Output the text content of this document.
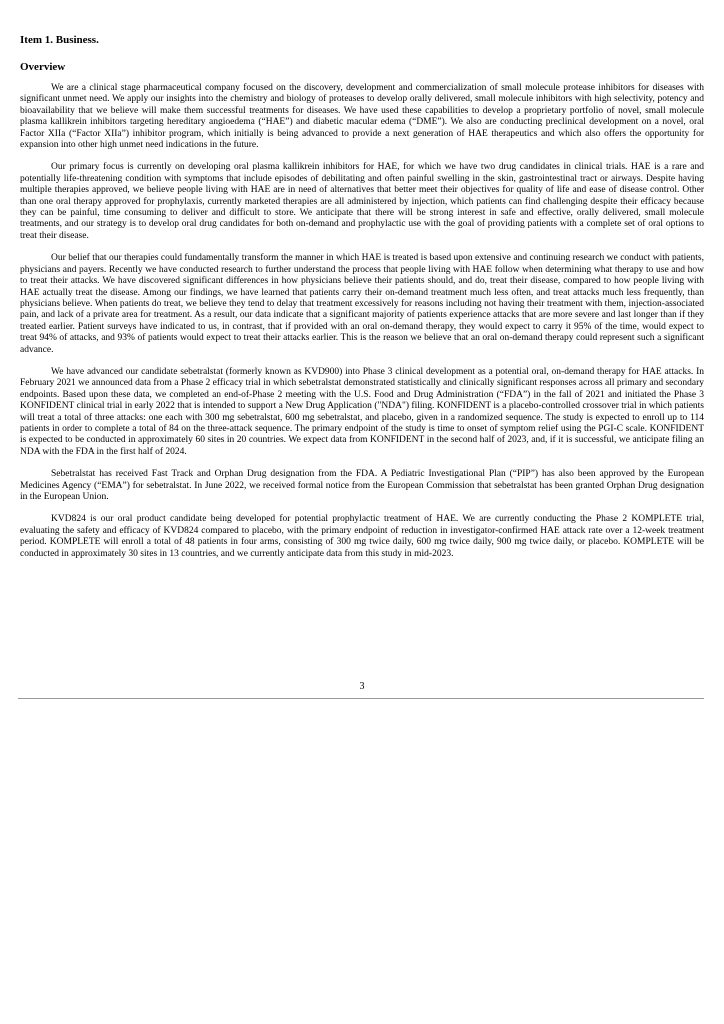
Item 1. Business.

Overview

We are a clinical stage pharmaceutical company focused on the discovery, development and commercialization of small molecule protease inhibitors for diseases with significant unmet need. We apply our insights into the chemistry and biology of proteases to develop orally delivered, small molecule inhibitors with high selectivity, potency and bioavailability that we believe will make them successful treatments for diseases. We have used these capabilities to develop a proprietary portfolio of novel, small molecule plasma kallikrein inhibitors targeting hereditary angioedema (“HAE”) and diabetic macular edema (“DME”). We also are conducting preclinical development on a novel, oral Factor XIIa (“Factor XIIa”) inhibitor program, which initially is being advanced to provide a next generation of HAE therapeutics and which also offers the opportunity for expansion into other high unmet need indications in the future.

Our primary focus is currently on developing oral plasma kallikrein inhibitors for HAE, for which we have two drug candidates in clinical trials. HAE is a rare and potentially life-threatening condition with symptoms that include episodes of debilitating and often painful swelling in the skin, gastrointestinal tract or airways. Despite having multiple therapies approved, we believe people living with HAE are in need of alternatives that better meet their objectives for quality of life and ease of disease control. Other than one oral therapy approved for prophylaxis, currently marketed therapies are all administered by injection, which patients can find challenging despite their efficacy because they can be painful, time consuming to deliver and difficult to store. We anticipate that there will be strong interest in safe and effective, orally delivered, small molecule treatments, and our strategy is to develop oral drug candidates for both on-demand and prophylactic use with the goal of providing patients with a complete set of oral options to treat their disease.

Our belief that our therapies could fundamentally transform the manner in which HAE is treated is based upon extensive and continuing research we conduct with patients, physicians and payers. Recently we have conducted research to further understand the process that people living with HAE follow when determining what therapy to use and how to treat their attacks. We have discovered significant differences in how physicians believe their patients should, and do, treat their disease, compared to how people living with HAE actually treat the disease. Among our findings, we have learned that patients carry their on-demand treatment much less often, and treat attacks much less frequently, than physicians believe. When patients do treat, we believe they tend to delay that treatment excessively for reasons including not having their treatment with them, injection-associated pain, and lack of a private area for treatment. As a result, our data indicate that a significant majority of patients experience attacks that are more severe and last longer than if they treated earlier. Patient surveys have indicated to us, in contrast, that if provided with an oral on-demand therapy, they would expect to carry it 95% of the time, would expect to treat 94% of attacks, and 93% of patients would expect to treat their attacks earlier. This is the reason we believe that an oral on-demand therapy could represent such a significant advance.

We have advanced our candidate sebetralstat (formerly known as KVD900) into Phase 3 clinical development as a potential oral, on-demand therapy for HAE attacks. In February 2021 we announced data from a Phase 2 efficacy trial in which sebetralstat demonstrated statistically and clinically significant responses across all primary and secondary endpoints. Based upon these data, we completed an end-of-Phase 2 meeting with the U.S. Food and Drug Administration (“FDA”) in the fall of 2021 and initiated the Phase 3 KONFIDENT clinical trial in early 2022 that is intended to support a New Drug Application ("NDA") filing. KONFIDENT is a placebo-controlled crossover trial in which patients will treat a total of three attacks: one each with 300 mg sebetralstat, 600 mg sebetralstat, and placebo, given in a randomized sequence. The study is expected to enroll up to 114 patients in order to complete a total of 84 on the three-attack sequence. The primary endpoint of the study is time to onset of symptom relief using the PGI-C scale. KONFIDENT is expected to be conducted in approximately 60 sites in 20 countries. We expect data from KONFIDENT in the second half of 2023, and, if it is successful, we anticipate filing an NDA with the FDA in the first half of 2024.

Sebetralstat has received Fast Track and Orphan Drug designation from the FDA. A Pediatric Investigational Plan (“PIP”) has also been approved by the European Medicines Agency (“EMA”) for sebetralstat. In June 2022, we received formal notice from the European Commission that sebetralstat has been granted Orphan Drug designation in the European Union.

KVD824 is our oral product candidate being developed for potential prophylactic treatment of HAE. We are currently conducting the Phase 2 KOMPLETE trial, evaluating the safety and efficacy of KVD824 compared to placebo, with the primary endpoint of reduction in investigator-confirmed HAE attack rate over a 12-week treatment period. KOMPLETE will enroll a total of 48 patients in four arms, consisting of 300 mg twice daily, 600 mg twice daily, 900 mg twice daily, or placebo. KOMPLETE will be conducted in approximately 30 sites in 13 countries, and we currently anticipate data from this study in mid-2023.

3
